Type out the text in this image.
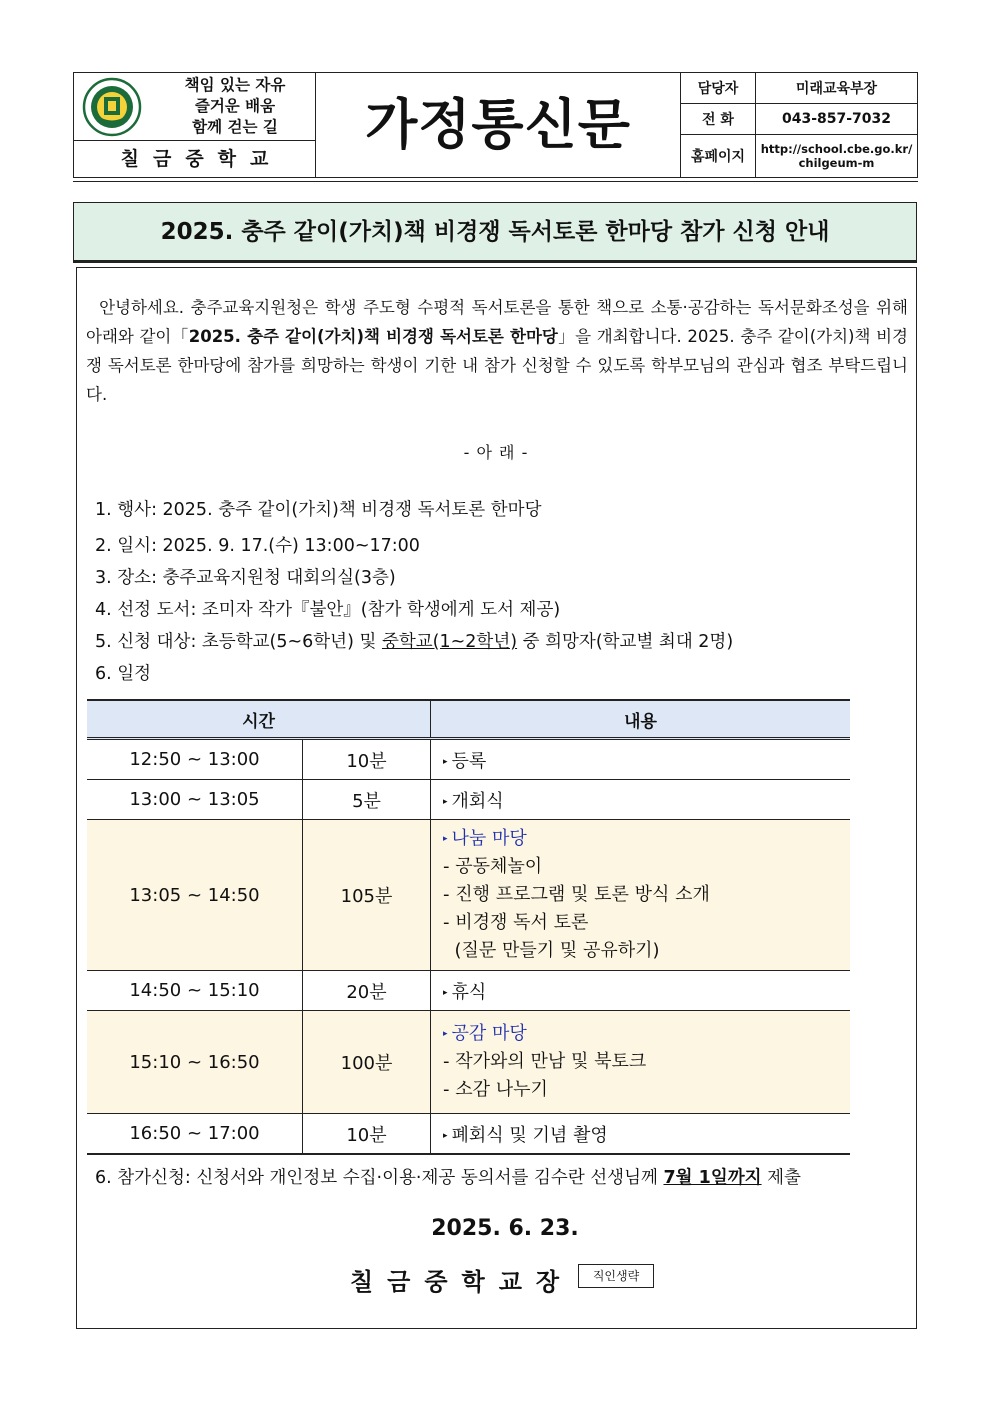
책임 있는 자유
즐거운 배움
함께 걷는 길
칠금중학교
가정통신문
담당자	미래교육부장
전 화	043-857-7032
홈페이지	http://school.cbe.go.kr/ chilgeum-m
2025. 충주 같이(가치)책 비경쟁 독서토론 한마당 참가 신청 안내
안녕하세요. 충주교육지원청은 학생 주도형 수평적 독서토론을 통한 책으로 소통·공감하는 독서문화조성을 위해 아래와 같이「2025. 충주 같이(가치)책 비경쟁 독서토론 한마당」을 개최합니다. 2025. 충주 같이(가치)책 비경쟁 독서토론 한마당에 참가를 희망하는 학생이 기한 내 참가 신청할 수 있도록 학부모님의 관심과 협조 부탁드립니다.
- 아 래 -
1. 행사: 2025. 충주 같이(가치)책 비경쟁 독서토론 한마당
2. 일시: 2025. 9. 17.(수) 13:00~17:00
3. 장소: 충주교육지원청 대회의실(3층)
4. 선정 도서: 조미자 작가『불안』(참가 학생에게 도서 제공)
5. 신청 대상: 초등학교(5~6학년) 및 중학교(1~2학년) 중 희망자(학교별 최대 2명)
6. 일정
시간		내용
12:50 ~ 13:00	10분	▸ 등록
13:00 ~ 13:05	5분	▸ 개회식
13:05 ~ 14:50	105분	▸ 나눔 마당
- 공동체놀이
- 진행 프로그램 및 토론 방식 소개
- 비경쟁 독서 토론
(질문 만들기 및 공유하기)

14:50 ~ 15:10	20분	▸ 휴식
15:10 ~ 16:50	100분	▸ 공감 마당
- 작가와의 만남 및 북토크
- 소감 나누기

16:50 ~ 17:00	10분	▸ 폐회식 및 기념 촬영
6. 참가신청: 신청서와 개인정보 수집·이용·제공 동의서를 김수란 선생님께 7월 1일까지 제출
2025. 6. 23.
칠금중학교장	직인생략
